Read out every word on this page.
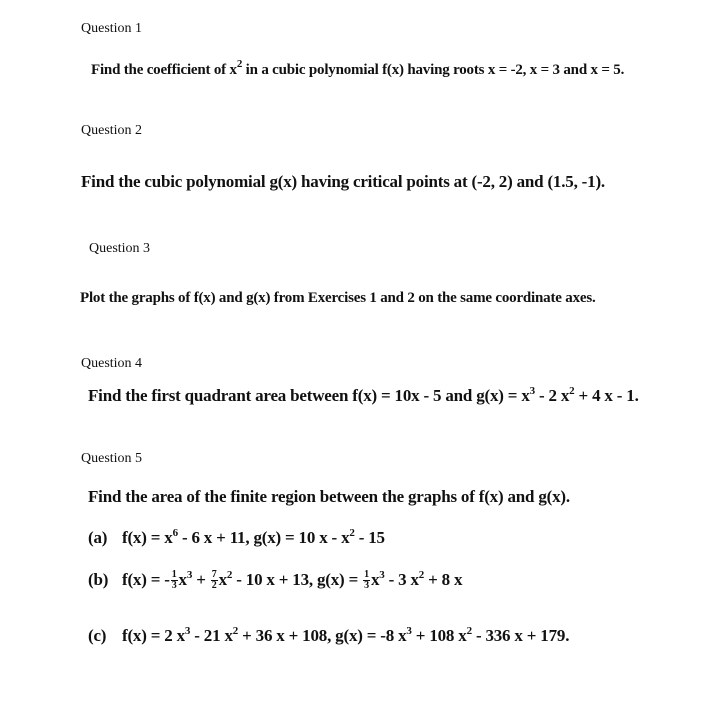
Question 1
Find the coefficient of $x^2$ in a cubic polynomial f(x) having roots x = -2, x = 3 and x = 5.
Question 2
Find the cubic polynomial g(x) having critical points at (-2, 2) and (1.5, -1).
Question 3
Plot the graphs of f(x) and g(x) from Exercises 1 and 2 on the same coordinate axes.
Question 4
Find the first quadrant area between f(x) = 10x - 5 and $g(x) = x^3 - 2$ $x^2 + 4$ x - 1.
Question 5
Find the area of the finite region between the graphs of f(x) and g(x).
(a) $f(x) = x^6 - 6$ x + 11, g(x) = 10 x - $x^2 - 15$
(b) f(x) = - $\frac{1}{3} x^3 + \frac{7}{2} x^2 - 10$ x + 13, $g(x) = \frac{1}{3} x^3 - 3$ $x^2 + 8$ x
(c) f(x) = 2 $x^3 - 21$ $x^2 + 36$ x + 108, g(x) = -8 $x^3 + 108$ $x^2 - 336$ x + 179.
